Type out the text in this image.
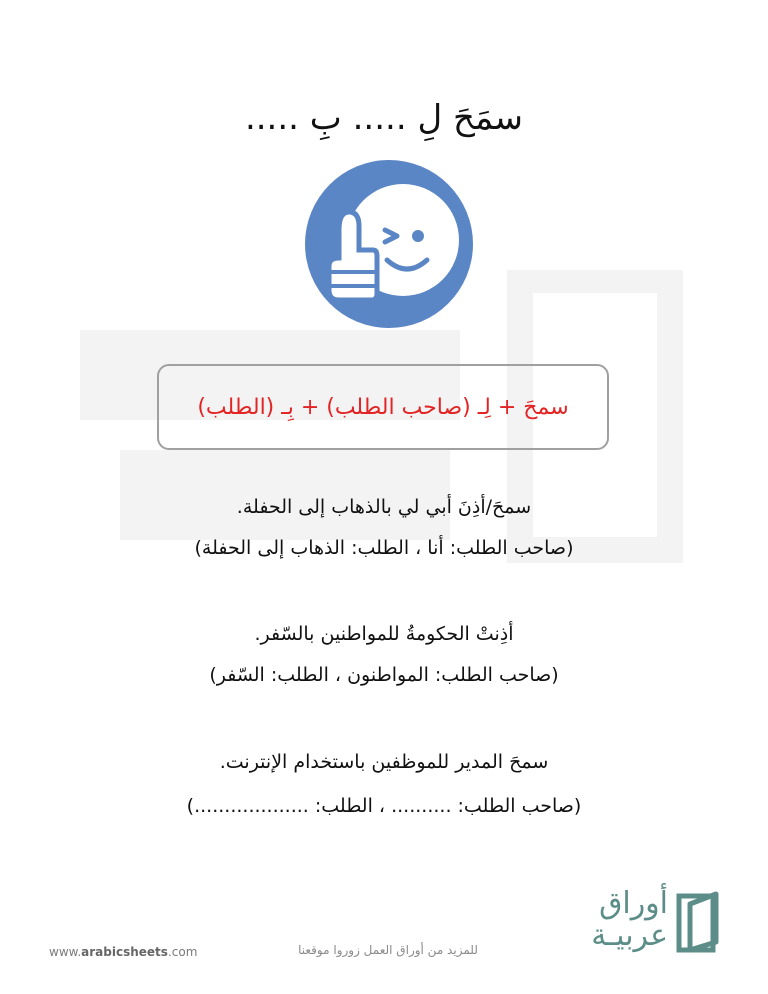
سمَحَ لِ ..... بِ .....
سمحَ + لِـ (صاحب الطلب) + بِـ (الطلب)
سمحَ/أذِنَ أبي لي بالذهاب إلى الحفلة.
(صاحب الطلب: أنا ، الطلب: الذهاب إلى الحفلة)
أذِنتْ الحكومةُ للمواطنين بالسّفر.
(صاحب الطلب: المواطنون ، الطلب: السّفر)
سمحَ المدير للموظفين باستخدام الإنترنت.
(صاحب الطلب: .......... ، الطلب: ...................)
www.arabicsheets.com	للمزيد من أوراق العمل زوروا موقعنا
أوراق
عربيـة
